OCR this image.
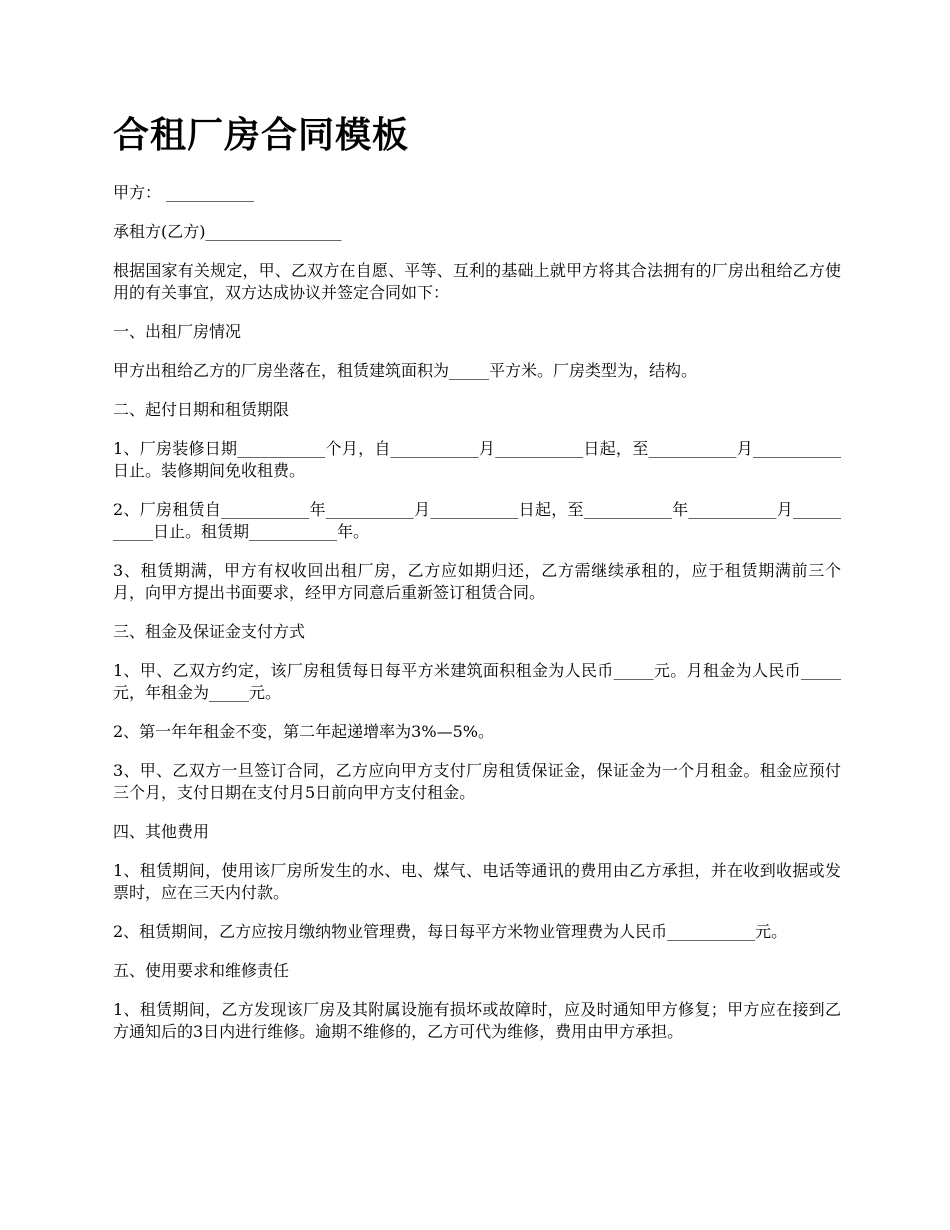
合租厂房合同模板

甲方： ___________

承租方(乙方)_________________

根据国家有关规定，甲、乙双方在自愿、平等、互利的基础上就甲方将其合法拥有的厂房出租给乙方使用的有关事宜，双方达成协议并签定合同如下：

一、出租厂房情况

甲方出租给乙方的厂房坐落在，租赁建筑面积为_____平方米。厂房类型为，结构。

二、起付日期和租赁期限

1、厂房装修日期___________个月，自___________月___________日起，至___________月___________日止。装修期间免收租费。

2、厂房租赁自___________年___________月___________日起，至___________年___________月___________日止。租赁期___________年。

3、租赁期满，甲方有权收回出租厂房，乙方应如期归还，乙方需继续承租的，应于租赁期满前三个月，向甲方提出书面要求，经甲方同意后重新签订租赁合同。

三、租金及保证金支付方式

1、甲、乙双方约定，该厂房租赁每日每平方米建筑面积租金为人民币_____元。月租金为人民币_____元，年租金为_____元。

2、第一年年租金不变，第二年起递增率为3%—5%。

3、甲、乙双方一旦签订合同，乙方应向甲方支付厂房租赁保证金，保证金为一个月租金。租金应预付三个月，支付日期在支付月5日前向甲方支付租金。

四、其他费用

1、租赁期间，使用该厂房所发生的水、电、煤气、电话等通讯的费用由乙方承担，并在收到收据或发票时，应在三天内付款。

2、租赁期间，乙方应按月缴纳物业管理费，每日每平方米物业管理费为人民币___________元。

五、使用要求和维修责任

1、租赁期间，乙方发现该厂房及其附属设施有损坏或故障时，应及时通知甲方修复；甲方应在接到乙方通知后的3日内进行维修。逾期不维修的，乙方可代为维修，费用由甲方承担。
